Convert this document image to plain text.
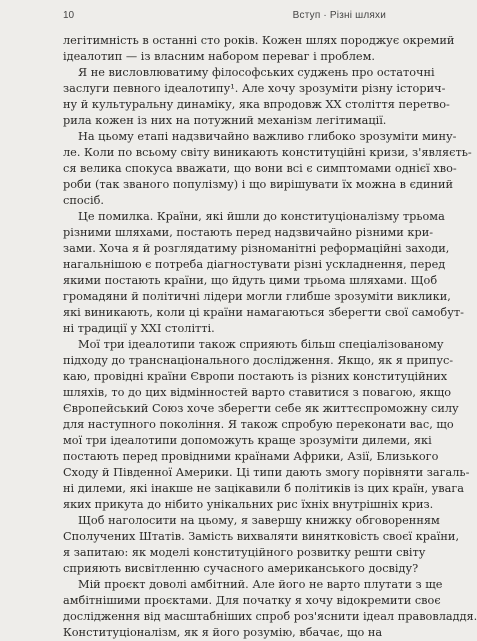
10	Вступ · Різні шляхи
легітимність в останні сто років. Кожен шлях породжує окремий
ідеалотип — із власним набором переваг і проблем.
Я не висловлюватиму філософських суджень про остаточні
заслуги певного ідеалотипу¹. Але хочу зрозуміти різну історич-
ну й культуральну динаміку, яка впродовж XX століття перетво-
рила кожен із них на потужний механізм легітимації.
На цьому етапі надзвичайно важливо глибоко зрозуміти мину-
ле. Коли по всьому світу виникають конституційні кризи, з'являєть-
ся велика спокуса вважати, що вони всі є симптомами однієї хво-
роби (так званого популізму) і що вирішувати їх можна в єдиний
спосіб.
Це помилка. Країни, які йшли до конституціоналізму трьома
різними шляхами, постають перед надзвичайно різними кри-
зами. Хоча я й розглядатиму різноманітні реформаційні заходи,
нагальнішою є потреба діагностувати різні ускладнення, перед
якими постають країни, що йдуть цими трьома шляхами. Щоб
громадяни й політичні лідери могли глибше зрозуміти виклики,
які виникають, коли ці країни намагаються зберегти свої самобут-
ні традиції у XXI столітті.
Мої три ідеалотипи також сприяють більш спеціалізованому
підходу до транснаціонального дослідження. Якщо, як я припус-
каю, провідні країни Європи постають із різних конституційних
шляхів, то до цих відмінностей варто ставитися з повагою, якщо
Європейський Союз хоче зберегти себе як життєспроможну силу
для наступного покоління. Я також спробую переконати вас, що
мої три ідеалотипи допоможуть краще зрозуміти дилеми, які
постають перед провідними країнами Африки, Азії, Близького
Сходу й Південної Америки. Ці типи дають змогу порівняти загаль-
ні дилеми, які інакше не зацікавили б політиків із цих країн, увага
яких прикута до нібито унікальних рис їхніх внутрішніх криз.
Щоб наголосити на цьому, я завершу книжку обговоренням
Сполучених Штатів. Замість вихваляти винятковість своєї країни,
я запитаю: як моделі конституційного розвитку решти світу
сприяють висвітленню сучасного американського досвіду?
Мій проєкт доволі амбітний. Але його не варто плутати з ще
амбітнішими проєктами. Для початку я хочу відокремити своє
дослідження від масштабніших спроб роз'яснити ідеал правовладдя.
Конституціоналізм, як я його розумію, вбачає, що на
